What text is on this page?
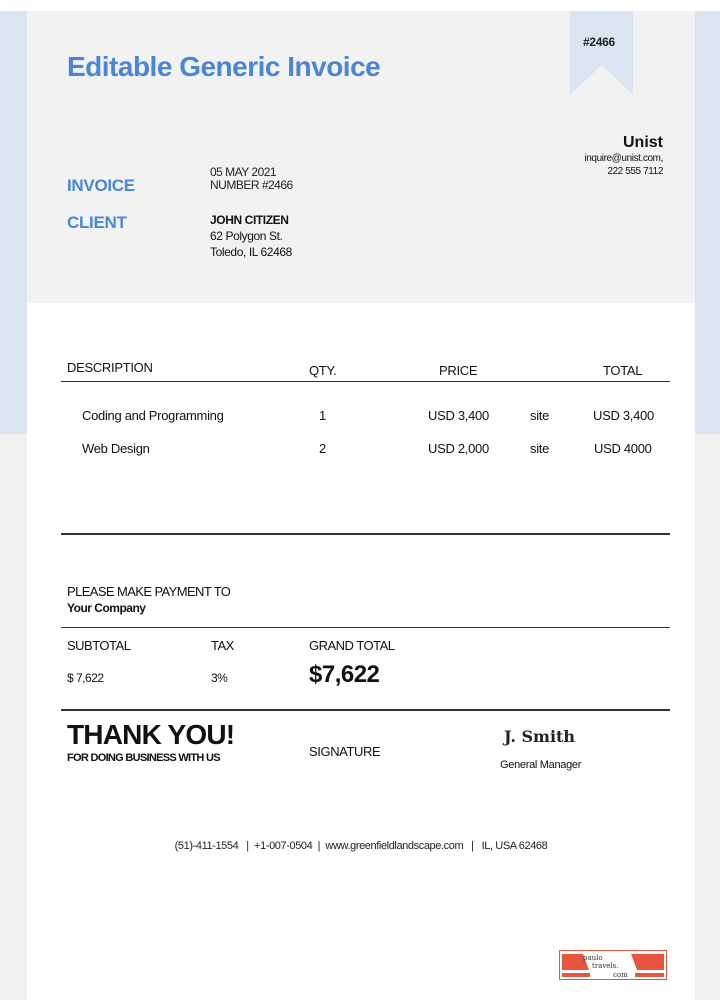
#2466
Editable Generic Invoice
Unist
inquire@unist.com,
222 555 7112
INVOICE
05 MAY 2021
NUMBER #2466
CLIENT	JOHN CITIZEN
62 Polygon St.
Toledo, IL 62468
DESCRIPTION	QTY.	PRICE	TOTAL
Coding and Programming	1	USD 3,400	site	USD 3,400
Web Design	2	USD 2,000	site	USD 4000
PLEASE MAKE PAYMENT TO
Your Company
SUBTOTAL	TAX	GRAND TOTAL
$ 7,622	3%	$7,622
THANK YOU!
FOR DOING BUSINESS WITH US	SIGNATURE
J. Smith
General Manager
(51)-411-1554   |  +1-007-0504  |  www.greenfieldlandscape.com   |   IL, USA 62468
paulo
travels.
com
